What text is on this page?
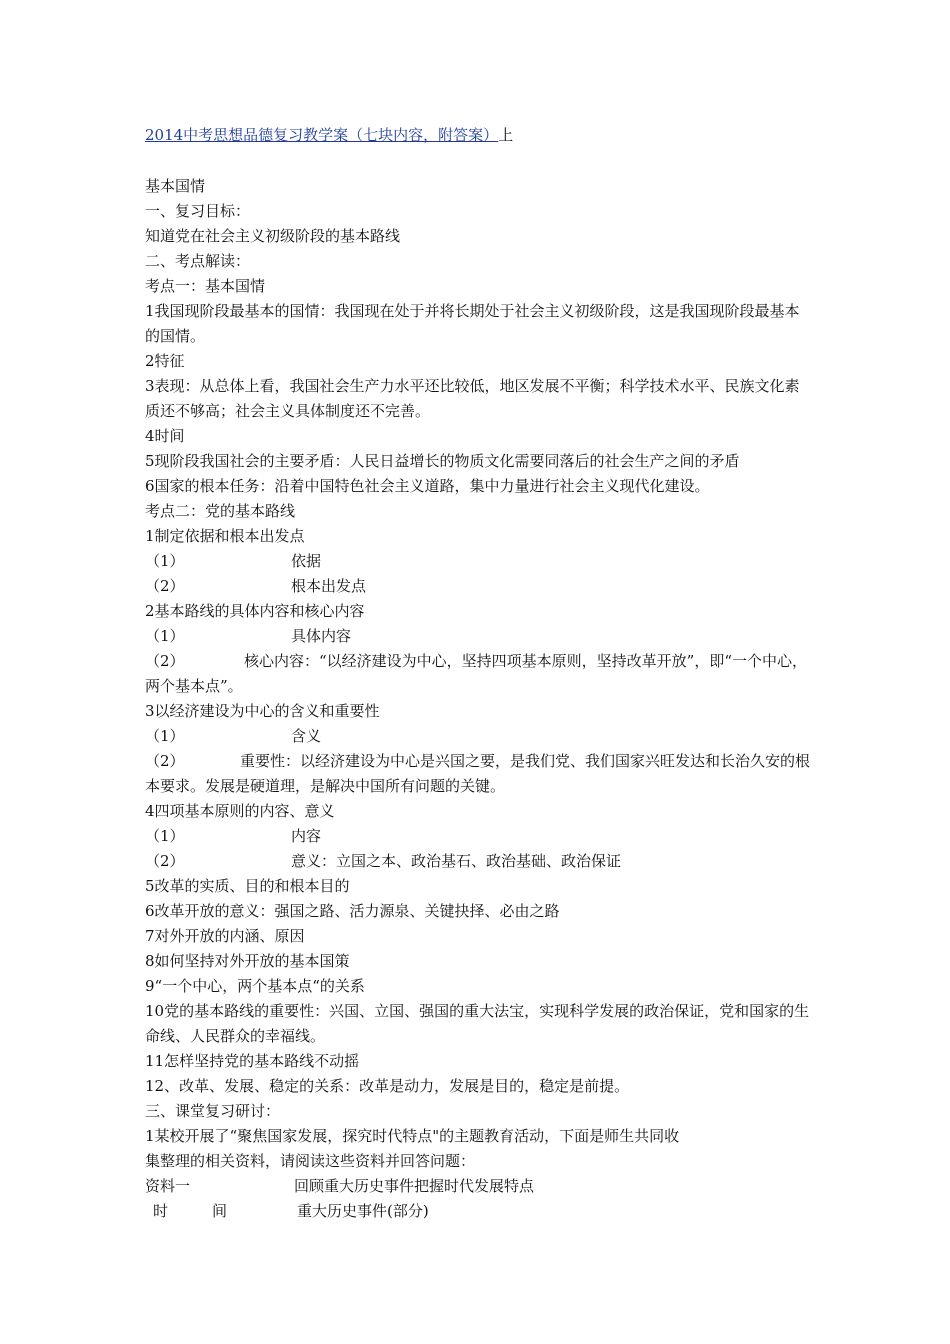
2014中考思想品德复习教学案（七块内容，附答案）上
基本国情
一、复习目标：
知道党在社会主义初级阶段的基本路线
二、考点解读：
考点一：基本国情
1我国现阶段最基本的国情：我国现在处于并将长期处于社会主义初级阶段，这是我国现阶段最基本的国情。
2特征
3表现：从总体上看，我国社会生产力水平还比较低，地区发展不平衡；科学技术水平、民族文化素质还不够高；社会主义具体制度还不完善。
4时间
5现阶段我国社会的主要矛盾：人民日益增长的物质文化需要同落后的社会生产之间的矛盾
6国家的根本任务：沿着中国特色社会主义道路，集中力量进行社会主义现代化建设。
考点二：党的基本路线
1制定依据和根本出发点
（1）	依据
（2）	根本出发点
2基本路线的具体内容和核心内容
（1）	具体内容
（2）	核心内容：“以经济建设为中心，坚持四项基本原则，坚持改革开放”，即“一个中心，两个基本点”。
3以经济建设为中心的含义和重要性
（1）	含义
（2）	重要性：以经济建设为中心是兴国之要，是我们党、我们国家兴旺发达和长治久安的根本要求。发展是硬道理，是解决中国所有问题的关键。
4四项基本原则的内容、意义
（1）	内容
（2）	意义：立国之本、政治基石、政治基础、政治保证
5改革的实质、目的和根本目的
6改革开放的意义：强国之路、活力源泉、关键抉择、必由之路
7对外开放的内涵、原因
8如何坚持对外开放的基本国策
9“一个中心，两个基本点“的关系
10党的基本路线的重要性：兴国、立国、强国的重大法宝，实现科学发展的政治保证，党和国家的生命线、人民群众的幸福线。
11怎样坚持党的基本路线不动摇
12、改革、发展、稳定的关系：改革是动力，发展是目的，稳定是前提。
三、课堂复习研讨：
1某校开展了“聚焦国家发展，探究时代特点"的主题教育活动，下面是师生共同收
集整理的相关资料，请阅读这些资料并回答问题：
资料一	回顾重大历史事件把握时代发展特点
时	间	重大历史事件(部分)
